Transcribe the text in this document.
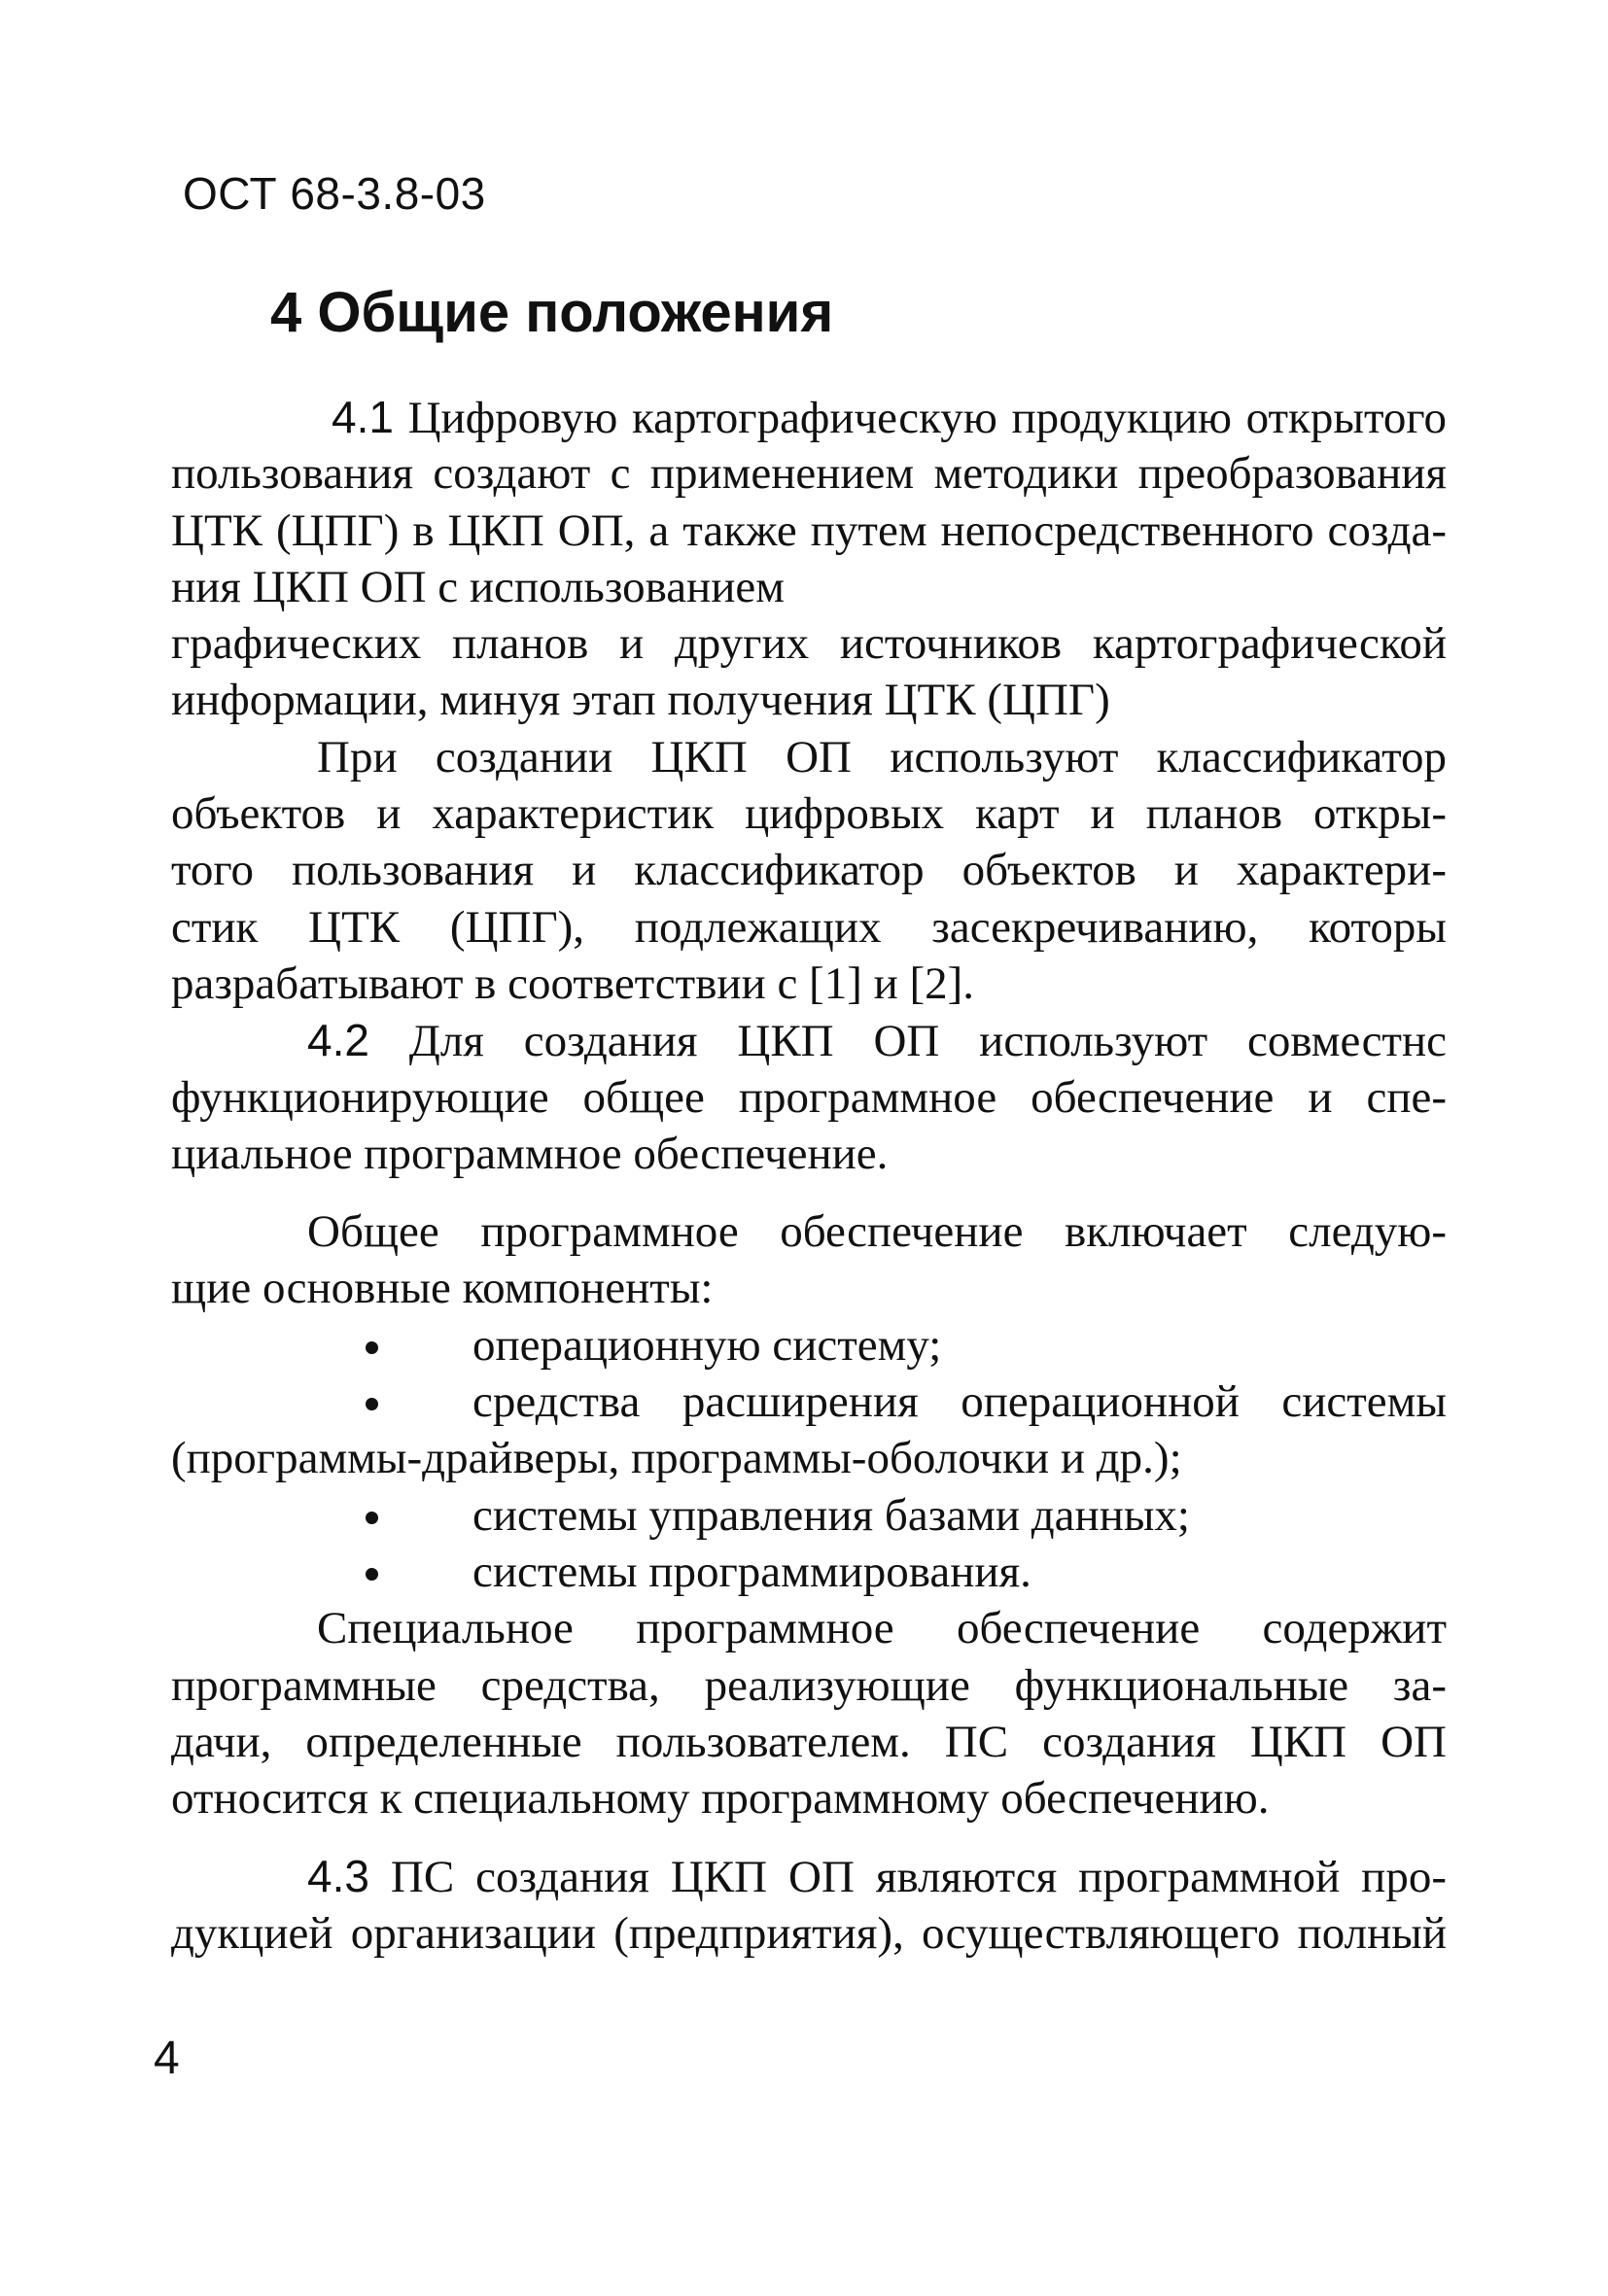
ОСТ 68-3.8-03
4 Общие положения
4.1 Цифровую картографическую продукцию открытого
пользования создают с применением методики преобразования
ЦТК (ЦПГ) в ЦКП ОП, а также путем непосредственного созда-
ния ЦКП ОП с использованием
графических планов и других источников картографической
информации, минуя этап получения ЦТК (ЦПГ)
При создании ЦКП ОП используют классификатор
объектов и характеристик цифровых карт и планов откры-
того пользования и классификатор объектов и характери-
стик ЦТК (ЦПГ), подлежащих засекречиванию, которы
разрабатывают в соответствии с [1] и [2].
4.2 Для создания ЦКП ОП используют совместнс
функционирующие общее программное обеспечение и спе-
циальное программное обеспечение.
Общее программное обеспечение включает следую-
щие основные компоненты:
операционную систему;
средства расширения операционной системы
(программы-драйверы, программы-оболочки и др.);
системы управления базами данных;
системы программирования.
Специальное программное обеспечение содержит
программные средства, реализующие функциональные за-
дачи, определенные пользователем. ПС создания ЦКП ОП
относится к специальному программному обеспечению.
4.3 ПС создания ЦКП ОП являются программной про-
дукцией организации (предприятия), осуществляющего полный
4
